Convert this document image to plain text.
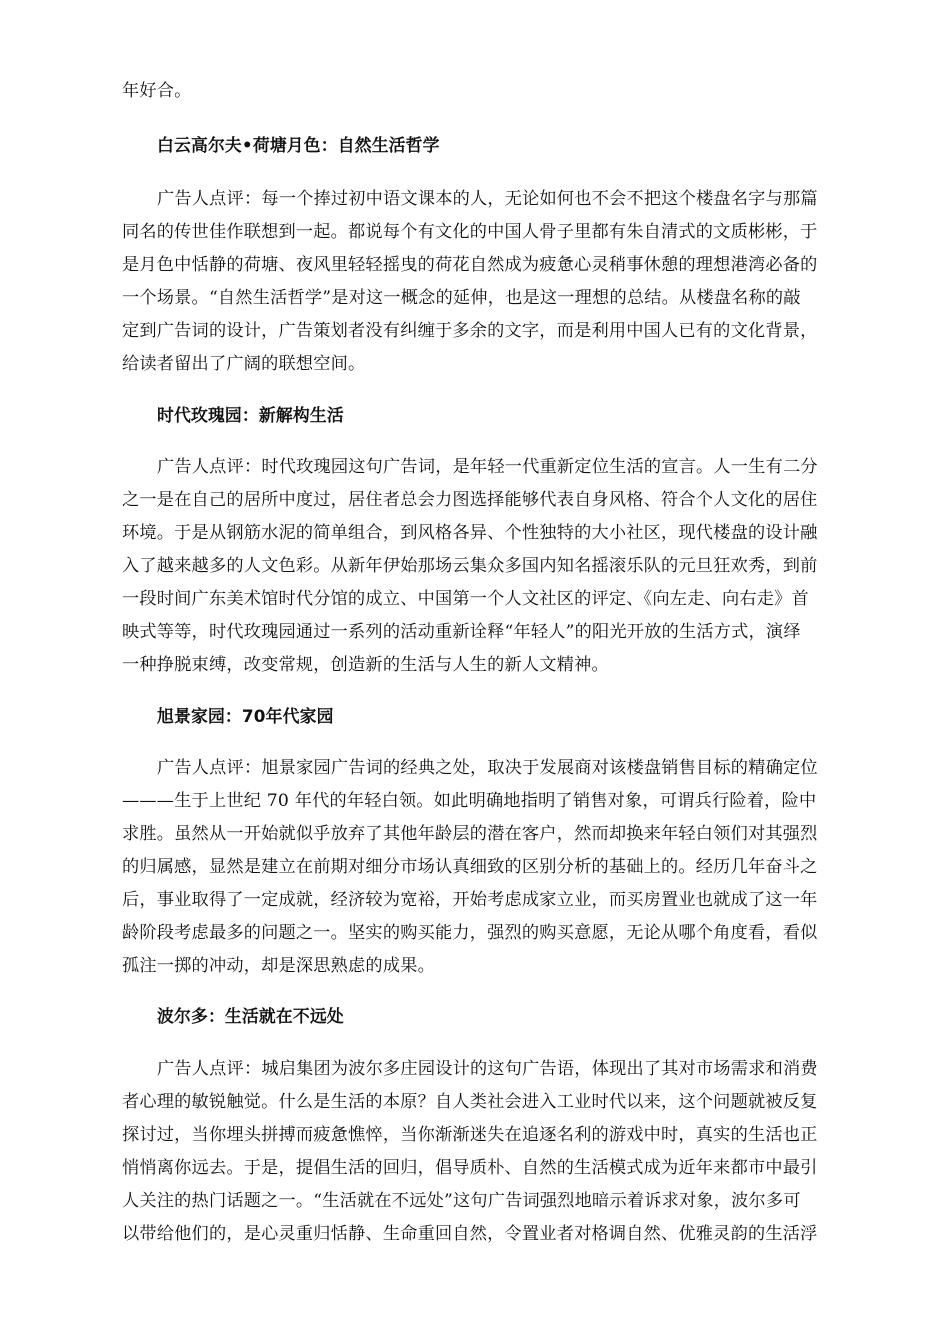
年好合。
白云高尔夫•荷塘月色：自然生活哲学
广告人点评：每一个捧过初中语文课本的人，无论如何也不会不把这个楼盘名字与那篇
同名的传世佳作联想到一起。都说每个有文化的中国人骨子里都有朱自清式的文质彬彬，于
是月色中恬静的荷塘、夜风里轻轻摇曳的荷花自然成为疲惫心灵稍事休憩的理想港湾必备的
一个场景。“自然生活哲学”是对这一概念的延伸，也是这一理想的总结。从楼盘名称的敲
定到广告词的设计，广告策划者没有纠缠于多余的文字，而是利用中国人已有的文化背景，
给读者留出了广阔的联想空间。
时代玫瑰园：新解构生活
广告人点评：时代玫瑰园这句广告词，是年轻一代重新定位生活的宣言。人一生有二分
之一是在自己的居所中度过，居住者总会力图选择能够代表自身风格、符合个人文化的居住
环境。于是从钢筋水泥的简单组合，到风格各异、个性独特的大小社区，现代楼盘的设计融
入了越来越多的人文色彩。从新年伊始那场云集众多国内知名摇滚乐队的元旦狂欢秀，到前
一段时间广东美术馆时代分馆的成立、中国第一个人文社区的评定、《向左走、向右走》首
映式等等，时代玫瑰园通过一系列的活动重新诠释“年轻人”的阳光开放的生活方式，演绎
一种挣脱束缚，改变常规，创造新的生活与人生的新人文精神。
旭景家园：70年代家园
广告人点评：旭景家园广告词的经典之处，取决于发展商对该楼盘销售目标的精确定位
———生于上世纪 70 年代的年轻白领。如此明确地指明了销售对象，可谓兵行险着，险中
求胜。虽然从一开始就似乎放弃了其他年龄层的潜在客户，然而却换来年轻白领们对其强烈
的归属感，显然是建立在前期对细分市场认真细致的区别分析的基础上的。经历几年奋斗之
后，事业取得了一定成就，经济较为宽裕，开始考虑成家立业，而买房置业也就成了这一年
龄阶段考虑最多的问题之一。坚实的购买能力，强烈的购买意愿，无论从哪个角度看，看似
孤注一掷的冲动，却是深思熟虑的成果。
波尔多：生活就在不远处
广告人点评：城启集团为波尔多庄园设计的这句广告语，体现出了其对市场需求和消费
者心理的敏锐触觉。什么是生活的本原？自人类社会进入工业时代以来，这个问题就被反复
探讨过，当你埋头拼搏而疲惫憔悴，当你渐渐迷失在追逐名利的游戏中时，真实的生活也正
悄悄离你远去。于是，提倡生活的回归，倡导质朴、自然的生活模式成为近年来都市中最引
人关注的热门话题之一。“生活就在不远处”这句广告词强烈地暗示着诉求对象，波尔多可
以带给他们的，是心灵重归恬静、生命重回自然，令置业者对格调自然、优雅灵韵的生活浮
